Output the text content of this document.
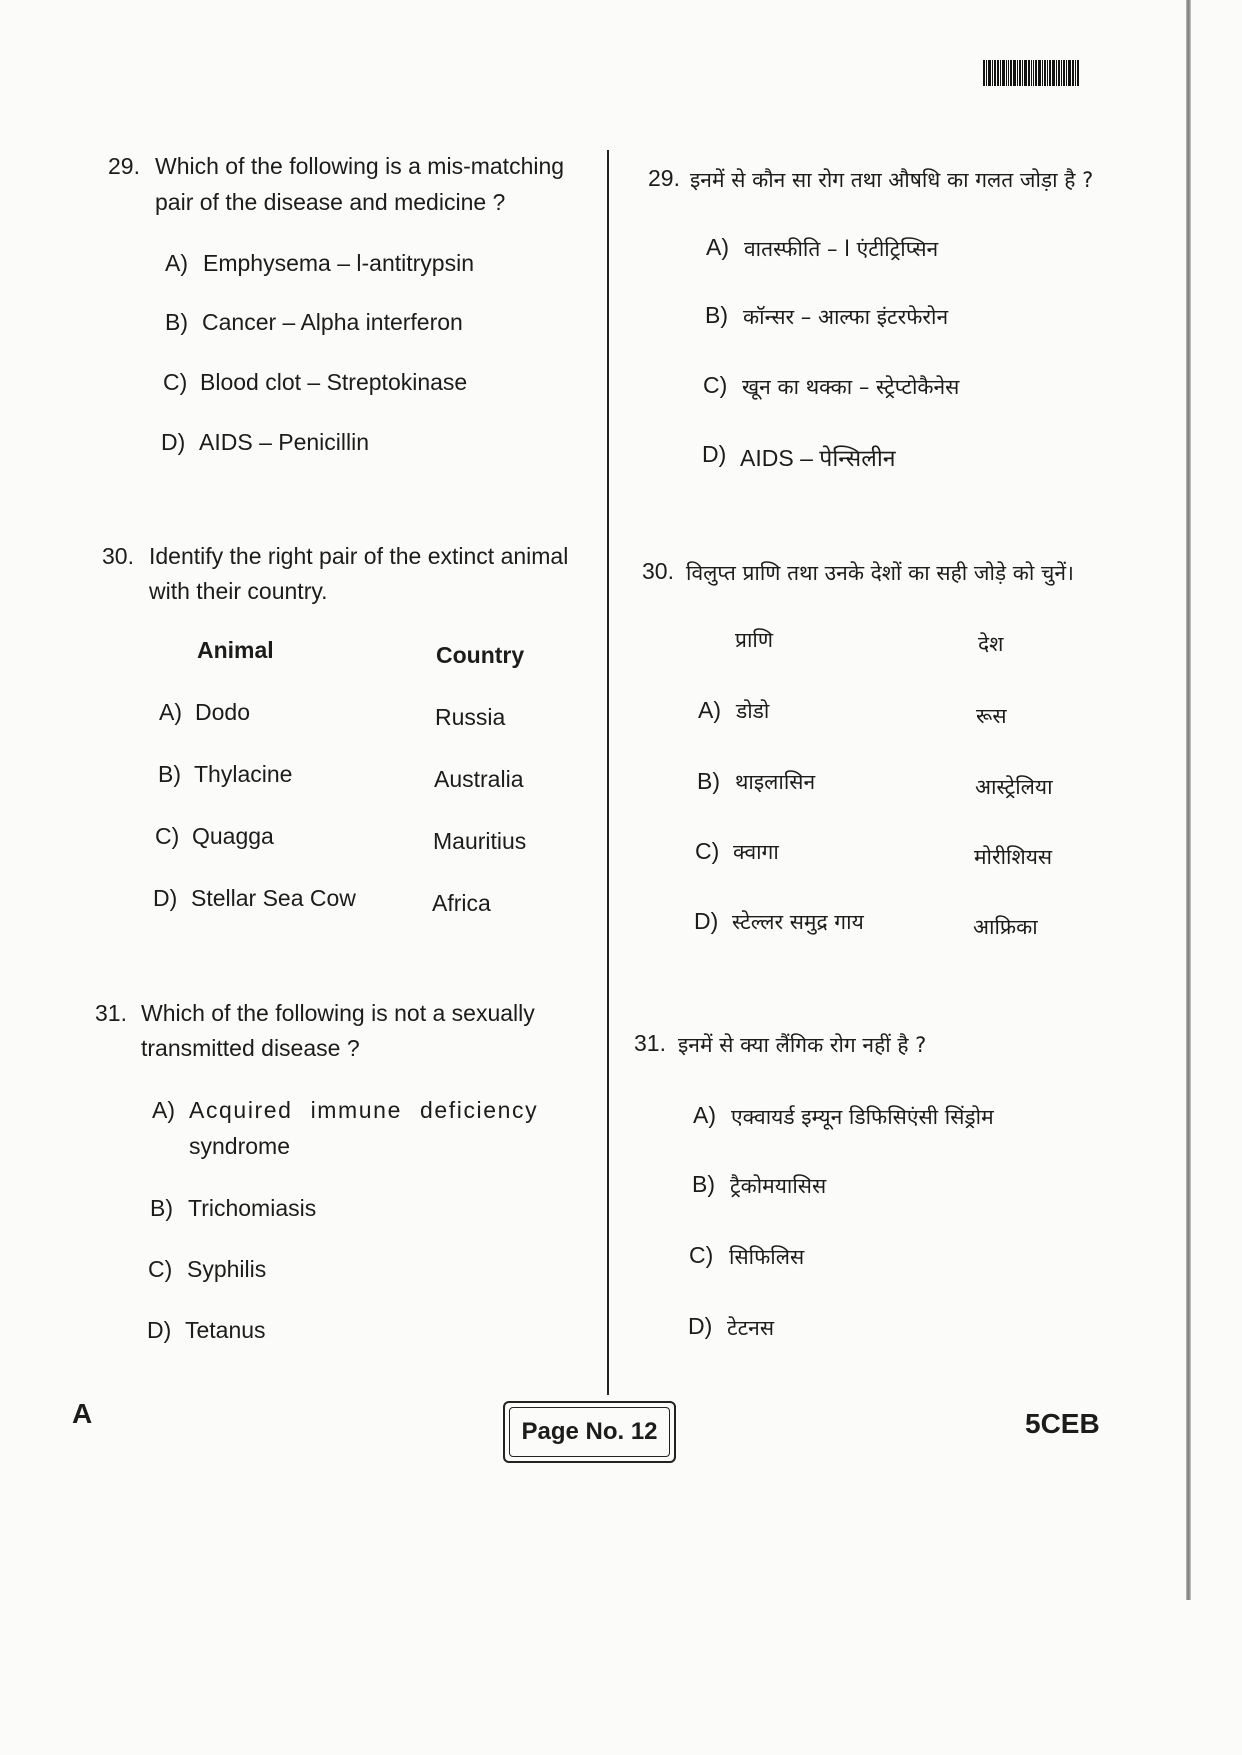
29. Which of the following is a mis-matching
pair of the disease and medicine ?
A) Emphysema – l-antitrypsin
B) Cancer – Alpha interferon
C) Blood clot – Streptokinase
D) AIDS – Penicillin
30. Identify the right pair of the extinct animal
with their country.
Animal	Country
A) Dodo	Russia
B) Thylacine	Australia
C) Quagga	Mauritius
D) Stellar Sea Cow	Africa
31. Which of the following is not a sexually
transmitted disease ?
A) Acquired immune deficiency
syndrome
B) Trichomiasis
C) Syphilis
D) Tetanus
29. इनमें से कौन सा रोग तथा औषधि का गलत जोड़ा है ?
A) वातस्फीति – l एंटीट्रिप्सिन
B) कॉन्सर – आल्फा इंटरफेरोन
C) खून का थक्का – स्ट्रेप्टोकैनेस
D) AIDS – पेन्सिलीन
30. विलुप्त प्राणि तथा उनके देशों का सही जोड़े को चुनें।
प्राणि	देश
A) डोडो	रूस
B) थाइलासिन	आस्ट्रेलिया
C) क्वागा	मोरीशियस
D) स्टेल्लर समुद्र गाय	आफ्रिका
31. इनमें से क्या लैंगिक रोग नहीं है ?
A) एक्वायर्ड इम्यून डिफिसिएंसी सिंड्रोम
B) ट्रैकोमयासिस
C) सिफिलिस
D) टेटनस
A
Page No. 12	5CEB
